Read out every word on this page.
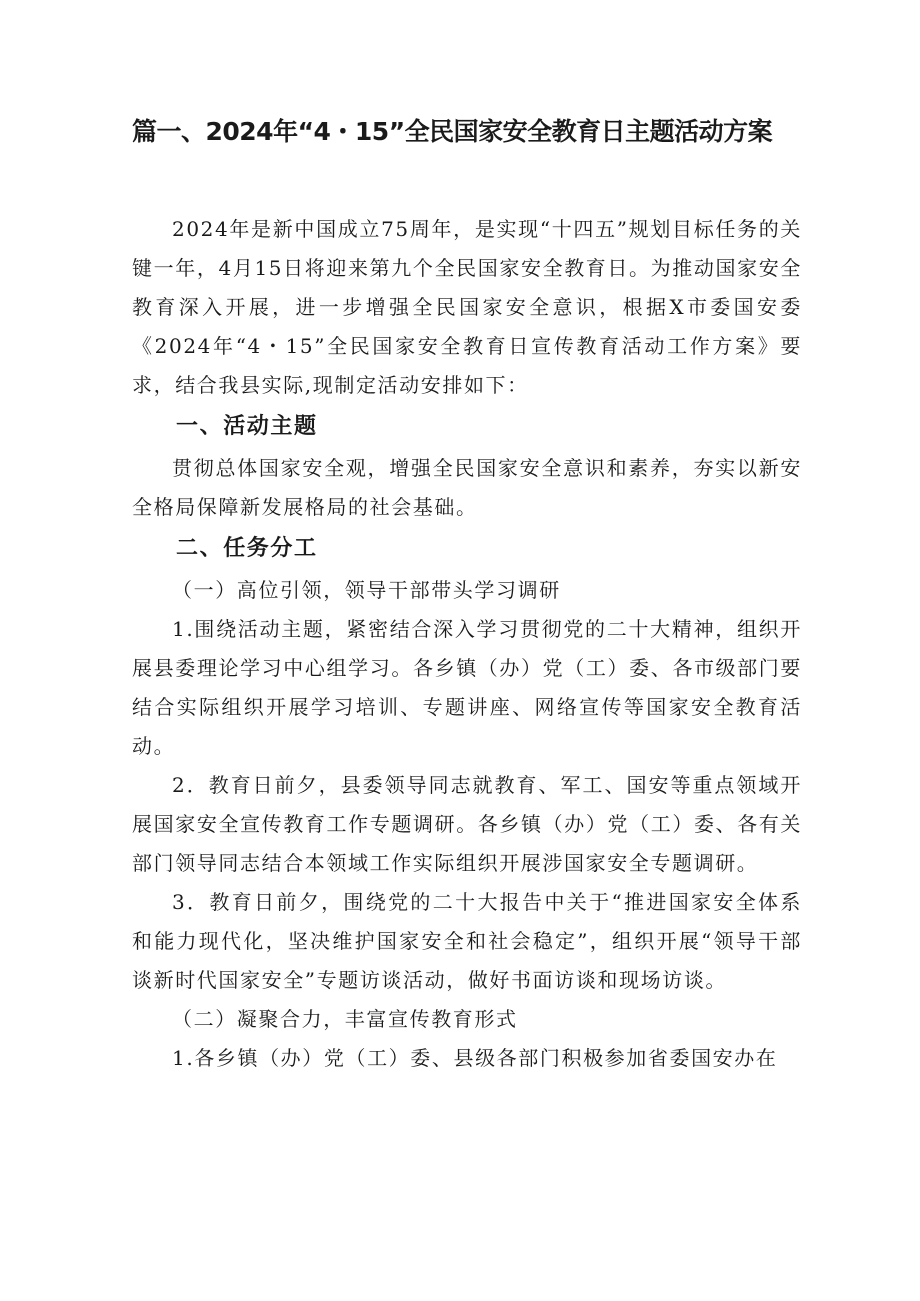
篇一、2024年“4・15”全民国家安全教育日主题活动方案

2024年是新中国成立75周年，是实现“十四五”规划目标任务的关键一年，4月15日将迎来第九个全民国家安全教育日。为推动国家安全教育深入开展，进一步增强全民国家安全意识，根据X市委国安委《2024年“4・15”全民国家安全教育日宣传教育活动工作方案》要求，结合我县实际,现制定活动安排如下：

一、活动主题

贯彻总体国家安全观，增强全民国家安全意识和素养，夯实以新安全格局保障新发展格局的社会基础。

二、任务分工

（一）高位引领，领导干部带头学习调研

1.围绕活动主题，紧密结合深入学习贯彻党的二十大精神，组织开展县委理论学习中心组学习。各乡镇（办）党（工）委、各市级部门要结合实际组织开展学习培训、专题讲座、网络宣传等国家安全教育活动。

2．教育日前夕，县委领导同志就教育、军工、国安等重点领域开展国家安全宣传教育工作专题调研。各乡镇（办）党（工）委、各有关部门领导同志结合本领域工作实际组织开展涉国家安全专题调研。

3．教育日前夕，围绕党的二十大报告中关于“推进国家安全体系和能力现代化，坚决维护国家安全和社会稳定”，组织开展“领导干部谈新时代国家安全”专题访谈活动，做好书面访谈和现场访谈。

（二）凝聚合力，丰富宣传教育形式

1.各乡镇（办）党（工）委、县级各部门积极参加省委国安办在
